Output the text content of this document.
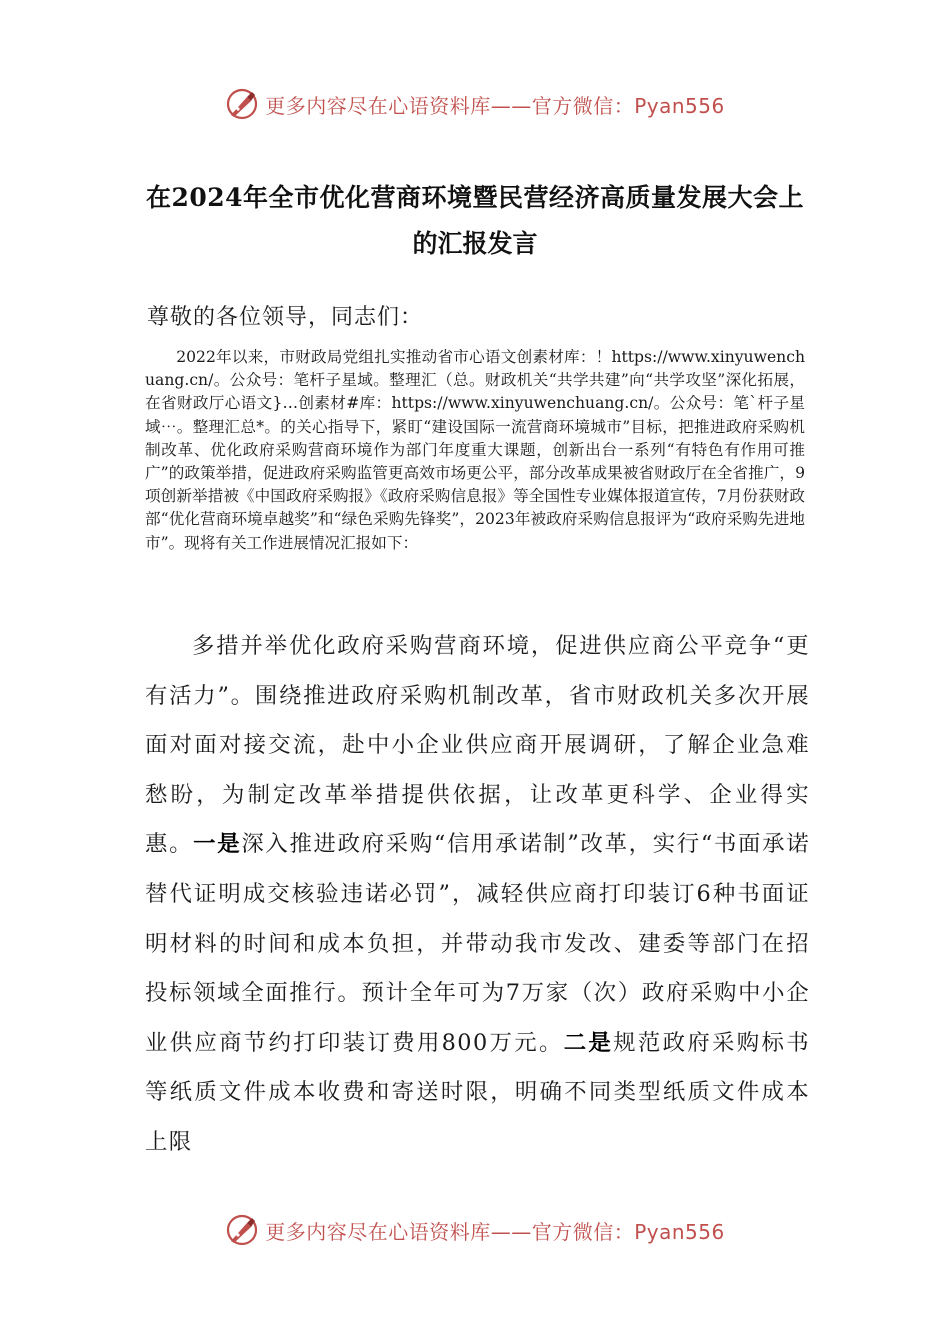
更多内容尽在心语资料库——官方微信：Pyan556
在2024年全市优化营商环境暨民营经济高质量发展大会上
的汇报发言
尊敬的各位领导，同志们：
2022年以来，市财政局党组扎实推动省市心语文创素材库：！https://www.xinyuwenchuang.cn/。公众号：笔杆子星域。整理汇（总。财政机关“共学共建”向“共学攻坚”深化拓展，在省财政厅心语文}…创素材#库：https://www.xinyuwenchuang.cn/。公众号：笔`杆子星域⋯。整理汇总*。的关心指导下，紧盯“建设国际一流营商环境城市”目标，把推进政府采购机制改革、优化政府采购营商环境作为部门年度重大课题，创新出台一系列“有特色有作用可推广”的政策举措，促进政府采购监管更高效市场更公平，部分改革成果被省财政厅在全省推广，9项创新举措被《中国政府采购报》《政府采购信息报》等全国性专业媒体报道宣传，7月份获财政部“优化营商环境卓越奖”和“绿色采购先锋奖”，2023年被政府采购信息报评为“政府采购先进地市”。现将有关工作进展情况汇报如下：
多措并举优化政府采购营商环境，促进供应商公平竞争“更有活力”。围绕推进政府采购机制改革，省市财政机关多次开展面对面对接交流，赴中小企业供应商开展调研，了解企业急难愁盼，为制定改革举措提供依据，让改革更科学、企业得实惠。一是深入推进政府采购“信用承诺制”改革，实行“书面承诺替代证明成交核验违诺必罚”，减轻供应商打印装订6种书面证明材料的时间和成本负担，并带动我市发改、建委等部门在招投标领域全面推行。预计全年可为7万家（次）政府采购中小企业供应商节约打印装订费用800万元。二是规范政府采购标书等纸质文件成本收费和寄送时限，明确不同类型纸质文件成本上限
更多内容尽在心语资料库——官方微信：Pyan556
